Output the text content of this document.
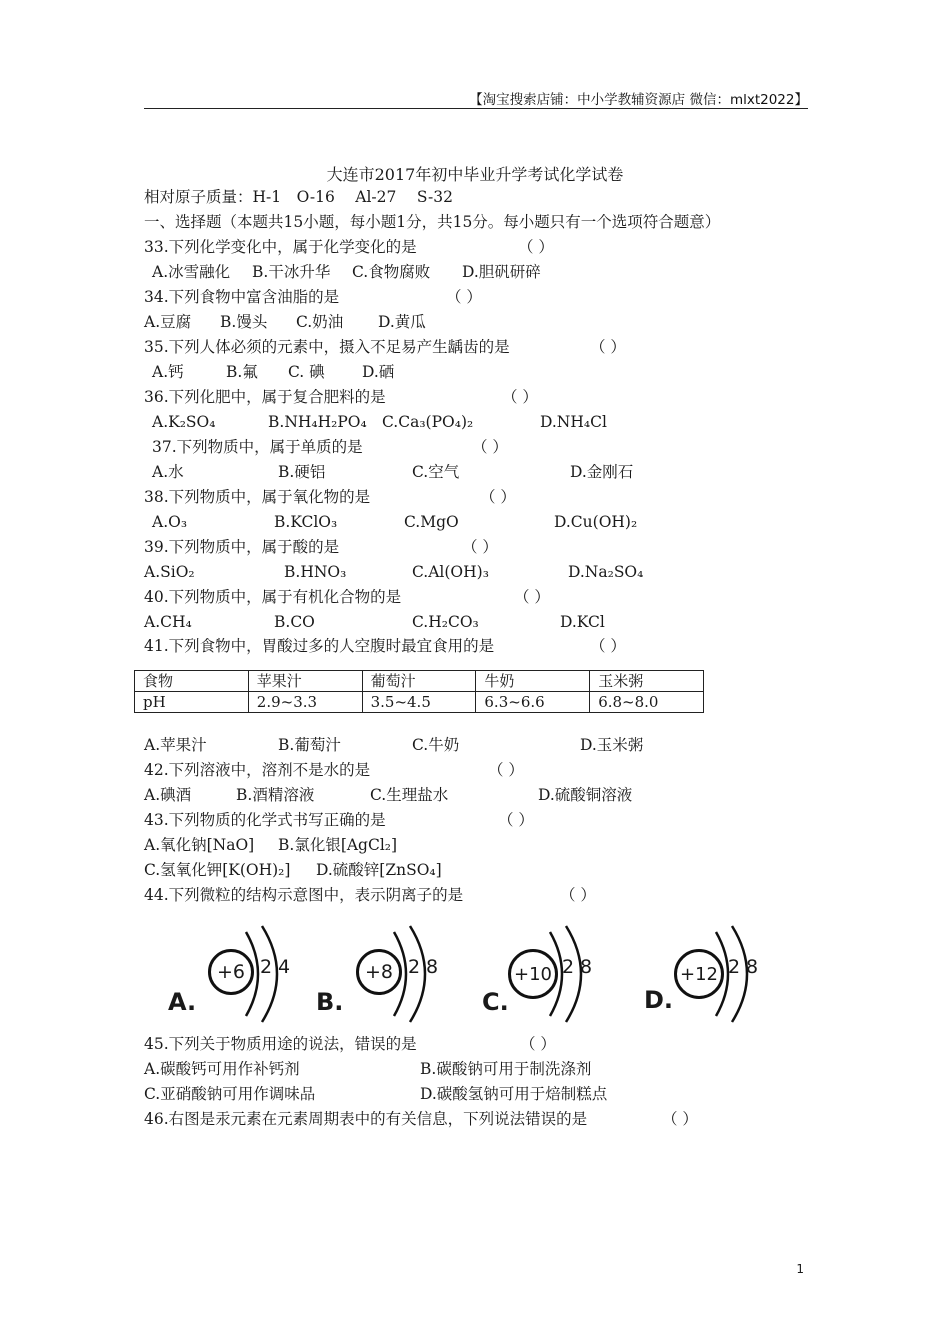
【淘宝搜索店铺：中小学教辅资源店 微信：mlxt2022】
大连市2017年初中毕业升学考试化学试卷
相对原子质量：H-1　O-16　 Al-27　 S-32
一、选择题（本题共15小题，每小题1分，共15分。每小题只有一个选项符合题意）
33.下列化学变化中，属于化学变化的是	（ ）
A.冰雪融化 B.干冰升华 C.食物腐败 D.胆矾研碎
34.下列食物中富含油脂的是	（ ）
A.豆腐 B.馒头 C.奶油 D.黄瓜
35.下列人体必须的元素中，摄入不足易产生龋齿的是	（ ）
A.钙	B.氟 C. 碘 D.硒
36.下列化肥中，属于复合肥料的是	（ ）
A.K₂SO₄	B.NH₄H₂PO₄ C.Ca₃(PO₄)₂	D.NH₄Cl
37.下列物质中，属于单质的是	（ ）
A.水	B.硬铝	C.空气	D.金刚石
38.下列物质中，属于氧化物的是	（ ）
A.O₃	B.KClO₃	C.MgO	D.Cu(OH)₂
39.下列物质中，属于酸的是	（ ）
A.SiO₂	B.HNO₃	C.Al(OH)₃	D.Na₂SO₄
40.下列物质中，属于有机化合物的是	（ ）
A.CH₄	B.CO	C.H₂CO₃	D.KCl
41.下列食物中，胃酸过多的人空腹时最宜食用的是	（ ）
食物	苹果汁	葡萄汁	牛奶	玉米粥
pH	2.9~3.3	3.5~4.5	6.3~6.6	6.8~8.0
A.苹果汁	B.葡萄汁	C.牛奶	D.玉米粥
42.下列溶液中，溶剂不是水的是	（ ）
A.碘酒	B.酒精溶液	C.生理盐水	D.硫酸铜溶液
43.下列物质的化学式书写正确的是	（ ）
A.氧化钠[NaO] B.氯化银[AgCl₂]
C.氢氧化钾[K(OH)₂] D.硫酸锌[ZnSO₄]
44.下列微粒的结构示意图中，表示阴离子的是	（ ）
A.
+6 2 4
B.
+8 2 8
C.
+10 2 8
D.
+12 2 8
45.下列关于物质用途的说法，错误的是	（ ）
A.碳酸钙可用作补钙剂	B.碳酸钠可用于制洗涤剂
C.亚硝酸钠可用作调味品	D.碳酸氢钠可用于焙制糕点
46.右图是汞元素在元素周期表中的有关信息，下列说法错误的是	（ ）
1
